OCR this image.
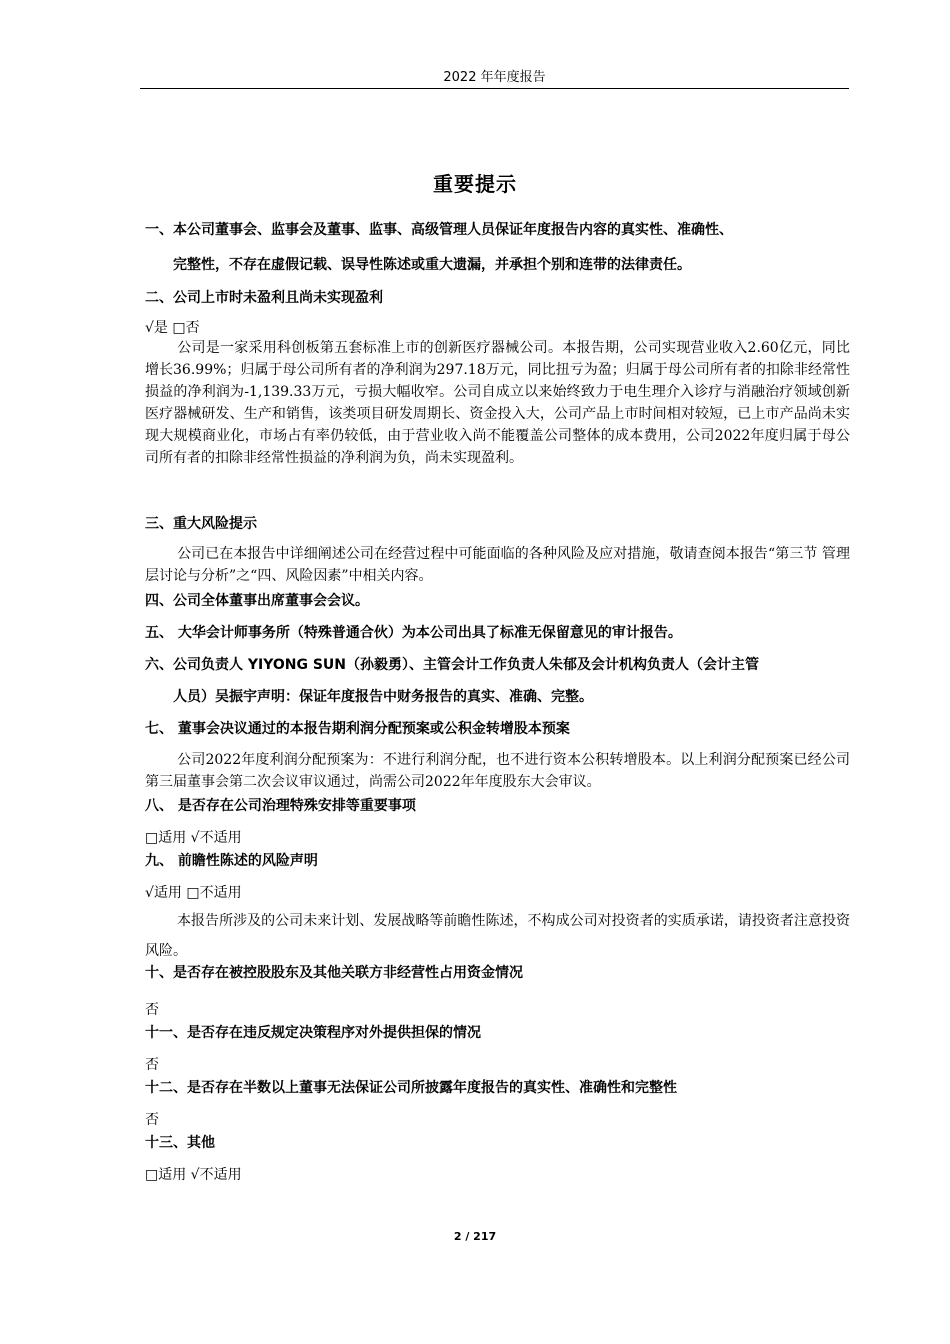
2022 年年度报告
重要提示
一、本公司董事会、监事会及董事、监事、高级管理人员保证年度报告内容的真实性、准确性、
完整性，不存在虚假记载、误导性陈述或重大遗漏，并承担个别和连带的法律责任。
二、公司上市时未盈利且尚未实现盈利
√是 □否
公司是一家采用科创板第五套标准上市的创新医疗器械公司。本报告期，公司实现营业收入2.60亿元，同比增长36.99%；归属于母公司所有者的净利润为297.18万元，同比扭亏为盈；归属于母公司所有者的扣除非经常性损益的净利润为-1,139.33万元，亏损大幅收窄。公司自成立以来始终致力于电生理介入诊疗与消融治疗领域创新医疗器械研发、生产和销售，该类项目研发周期长、资金投入大，公司产品上市时间相对较短，已上市产品尚未实现大规模商业化，市场占有率仍较低，由于营业收入尚不能覆盖公司整体的成本费用，公司2022年度归属于母公司所有者的扣除非经常性损益的净利润为负，尚未实现盈利。
三、重大风险提示
公司已在本报告中详细阐述公司在经营过程中可能面临的各种风险及应对措施，敬请查阅本报告“第三节 管理层讨论与分析”之“四、风险因素”中相关内容。
四、公司全体董事出席董事会会议。
五、 大华会计师事务所（特殊普通合伙）为本公司出具了标准无保留意见的审计报告。
六、公司负责人 YIYONG SUN（孙毅勇）、主管会计工作负责人朱郁及会计机构负责人（会计主管
人员）吴振宇声明：保证年度报告中财务报告的真实、准确、完整。
七、 董事会决议通过的本报告期利润分配预案或公积金转增股本预案
公司2022年度利润分配预案为：不进行利润分配，也不进行资本公积转增股本。以上利润分配预案已经公司第三届董事会第二次会议审议通过，尚需公司2022年年度股东大会审议。
八、 是否存在公司治理特殊安排等重要事项
□适用 √不适用
九、 前瞻性陈述的风险声明
√适用 □不适用
本报告所涉及的公司未来计划、发展战略等前瞻性陈述，不构成公司对投资者的实质承诺，请投资者注意投资风险。
十、是否存在被控股股东及其他关联方非经营性占用资金情况
否
十一、是否存在违反规定决策程序对外提供担保的情况
否
十二、是否存在半数以上董事无法保证公司所披露年度报告的真实性、准确性和完整性
否
十三、其他
□适用 √不适用
2 / 217
